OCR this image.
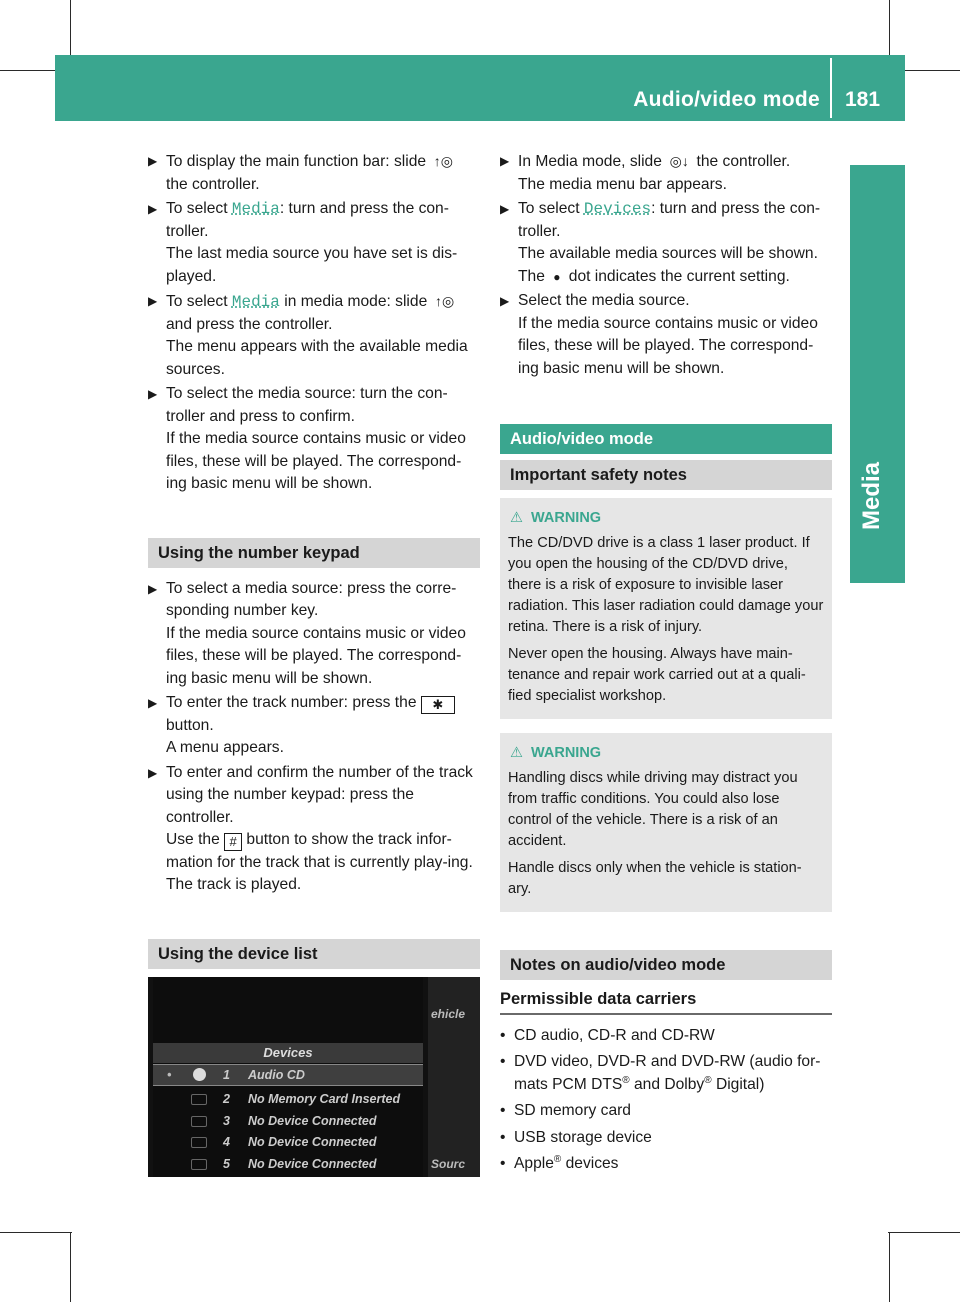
Audio/video mode 181
Media
▶ To display the main function bar: slide ↑◎ the controller.

▶ To select Media: turn and press the con-troller.

The last media source you have set is dis-played.

▶ To select Media in media mode: slide ↑◎ and press the controller.

The menu appears with the available media sources.

▶ To select the media source: turn the con-troller and press to confirm.

If the media source contains music or video files, these will be played. The correspond-ing basic menu will be shown.

Using the number keypad
▶ To select a media source: press the corre-sponding number key.

If the media source contains music or video files, these will be played. The correspond-ing basic menu will be shown.

▶ To enter the track number: press the ✱ button.

A menu appears.

▶ To enter and confirm the number of the track using the number keypad: press the controller.

Use the # button to show the track infor-mation for the track that is currently play-ing.

The track is played.

Using the device list
ehicle
Sourc
Devices
•	1 Audio CD
2 No Memory Card Inserted
3 No Device Connected
4 No Device Connected
5 No Device Connected
▶ In Media mode, slide ◎↓ the controller.

The media menu bar appears.

▶ To select Devices: turn and press the con-troller.

The available media sources will be shown.

The ● dot indicates the current setting.

▶ Select the media source.

If the media source contains music or video files, these will be played. The correspond-ing basic menu will be shown.

Audio/video mode
Important safety notes
⚠ WARNING

The CD/DVD drive is a class 1 laser product. If you open the housing of the CD/DVD drive, there is a risk of exposure to invisible laser radiation. This laser radiation could damage your retina. There is a risk of injury.

Never open the housing. Always have main-tenance and repair work carried out at a quali-fied specialist workshop.

⚠ WARNING

Handling discs while driving may distract you from traffic conditions. You could also lose control of the vehicle. There is a risk of an accident.

Handle discs only when the vehicle is station-ary.

Notes on audio/video mode
Permissible data carriers
• CD audio, CD-R and CD-RW
• DVD video, DVD-R and DVD-RW (audio for-mats PCM DTS® and Dolby® Digital)
• SD memory card
• USB storage device
• Apple® devices
